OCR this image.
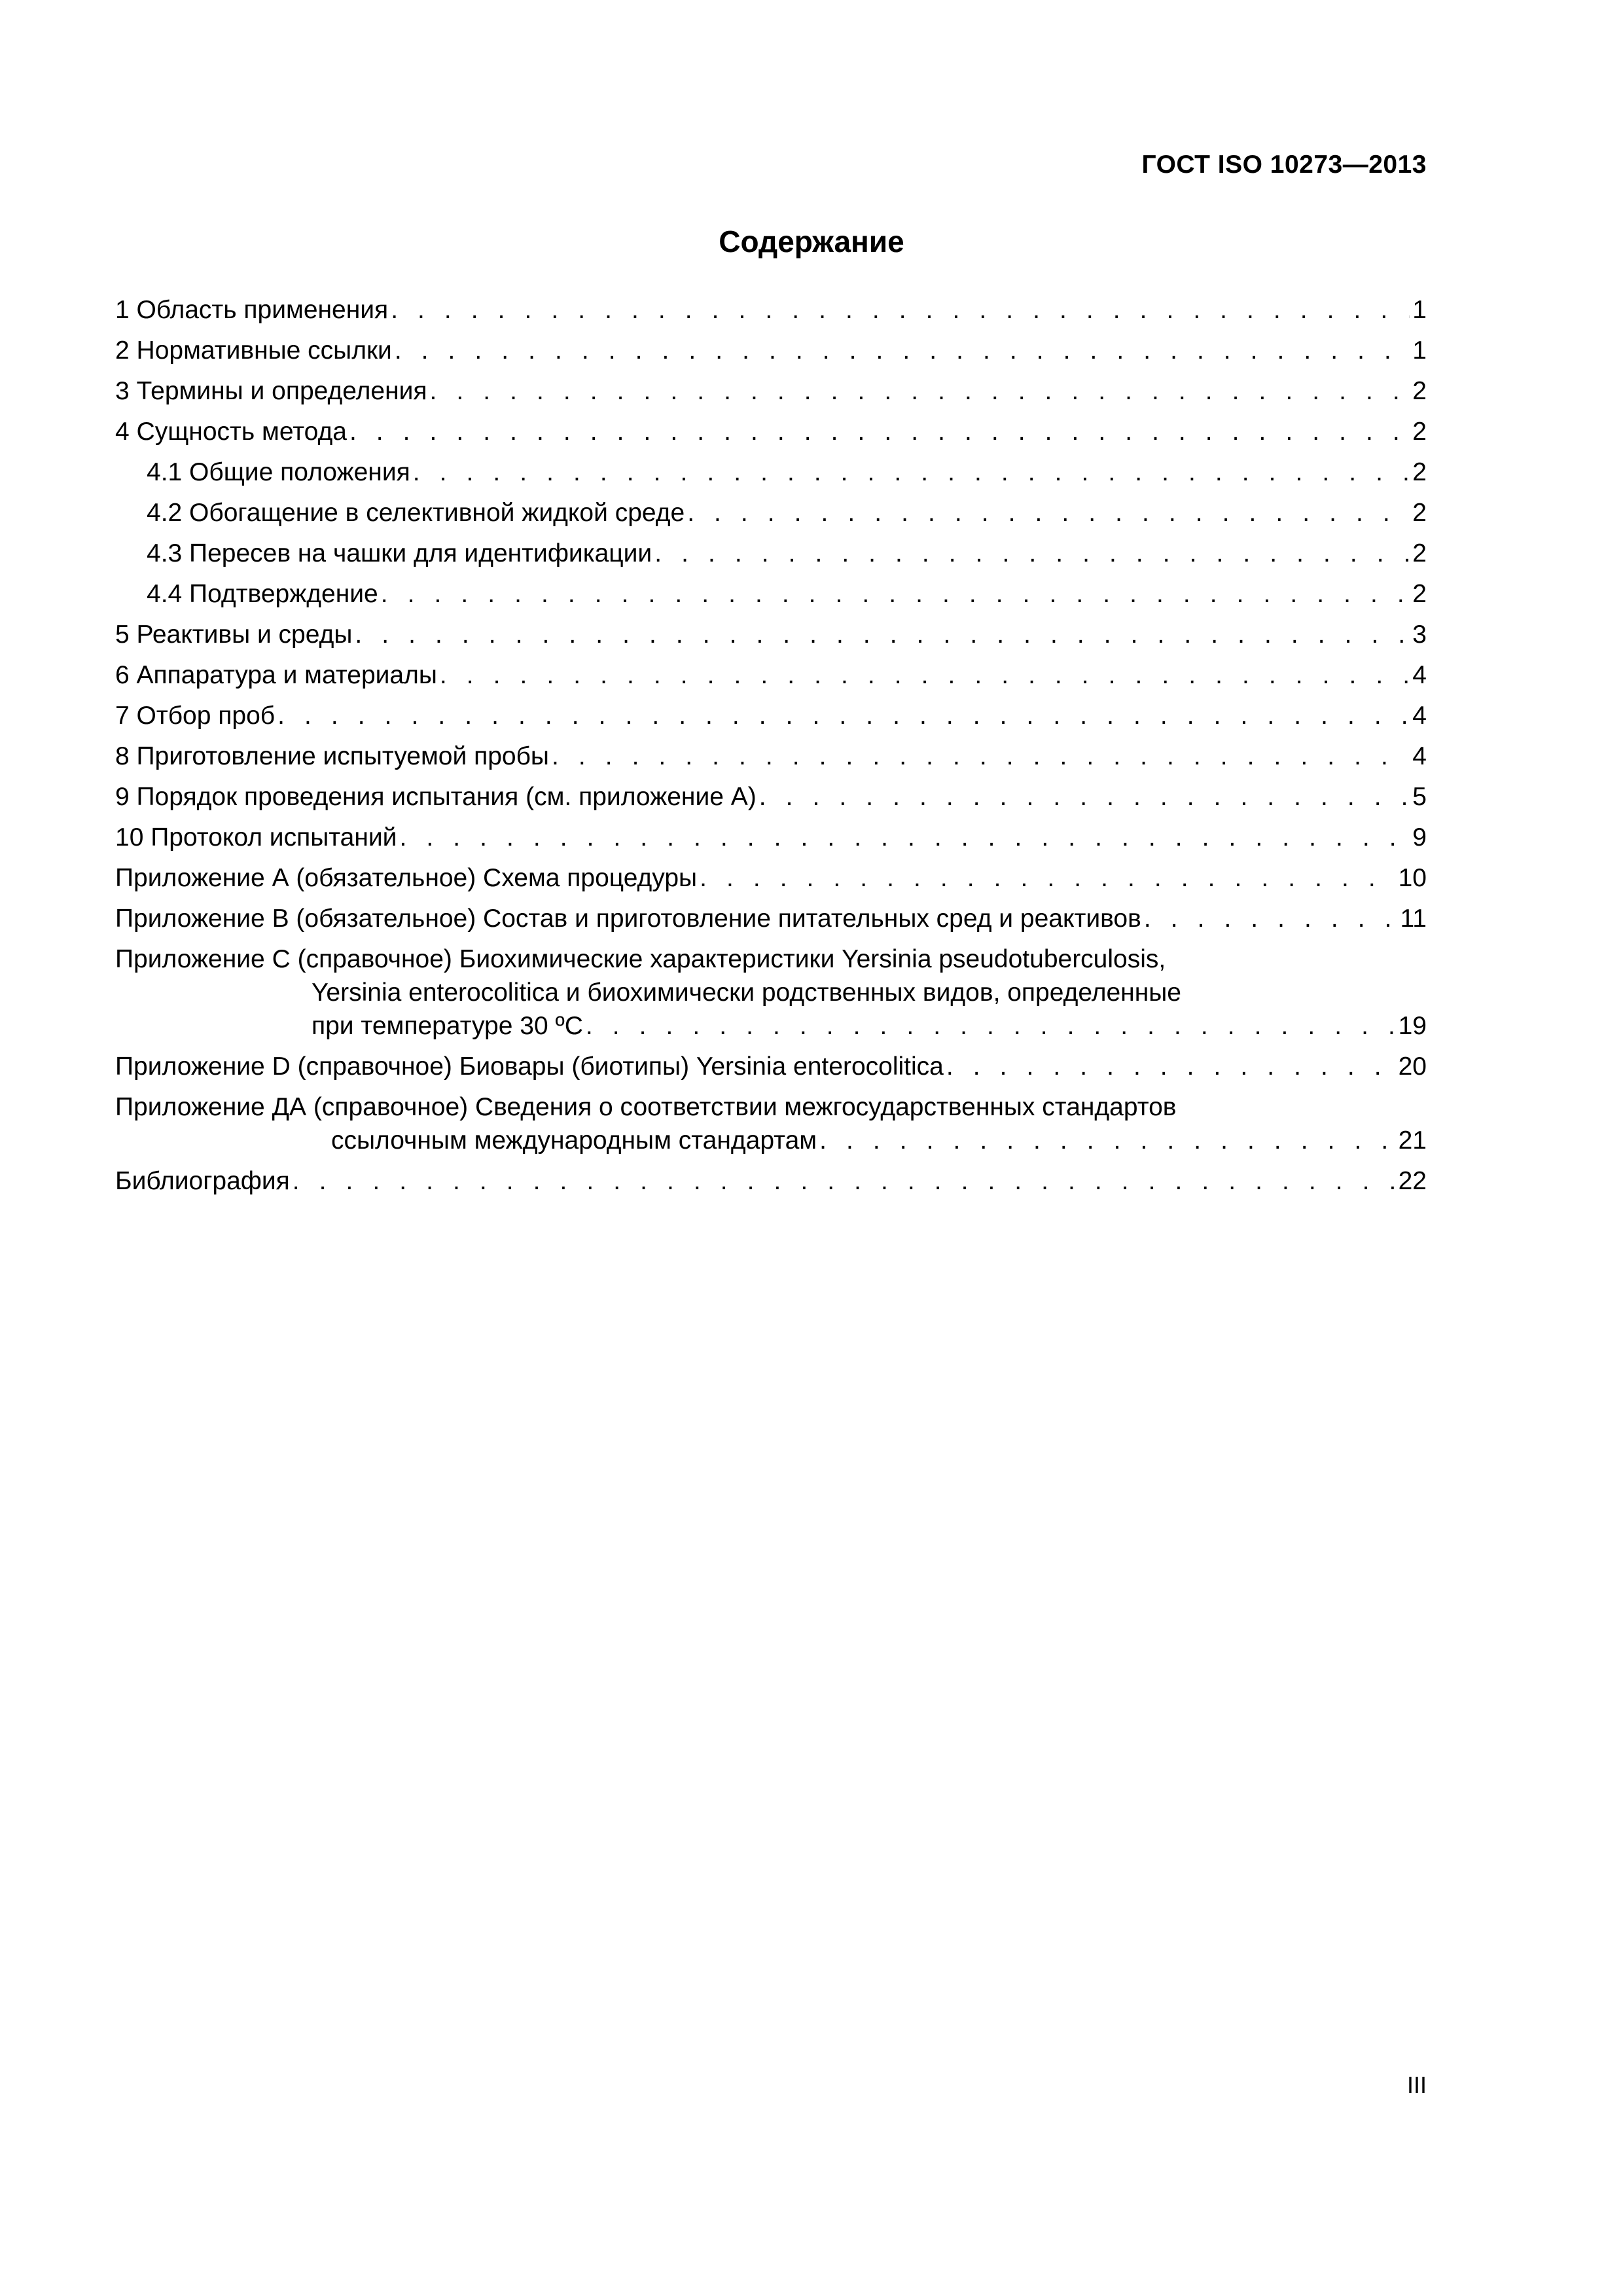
ГОСТ ISO 10273—2013
Содержание
1 Область применения . . .	1
2 Нормативные ссылки . . .	1
3 Термины и определения . . .	2
4 Сущность метода . . .	2
4.1 Общие положения . . .	2
4.2 Обогащение в селективной жидкой среде . . .	2
4.3 Пересев на чашки для идентификации . . .	2
4.4 Подтверждение . . .	2
5 Реактивы и среды . . .	3
6 Аппаратура и материалы . . .	4
7 Отбор проб . . .	4
8 Приготовление испытуемой пробы . . .	4
9 Порядок проведения испытания (см. приложение А) . . .	5
10 Протокол испытаний . . .	9
Приложение А (обязательное) Схема процедуры . . .	10
Приложение В (обязательное) Состав и приготовление питательных сред и реактивов . . .	11
Приложение С (справочное) Биохимические характеристики Yersinia pseudotuberculosis,
Yersinia enterocolitica и биохимически родственных видов, определенные
при температуре 30 ºС . . .	19
Приложение D (справочное) Биовары (биотипы) Yersinia enterocolitica . . .	20
Приложение ДА (справочное) Сведения о соответствии межгосударственных стандартов
ссылочным международным стандартам . . .	21
Библиография . . .	22
III
